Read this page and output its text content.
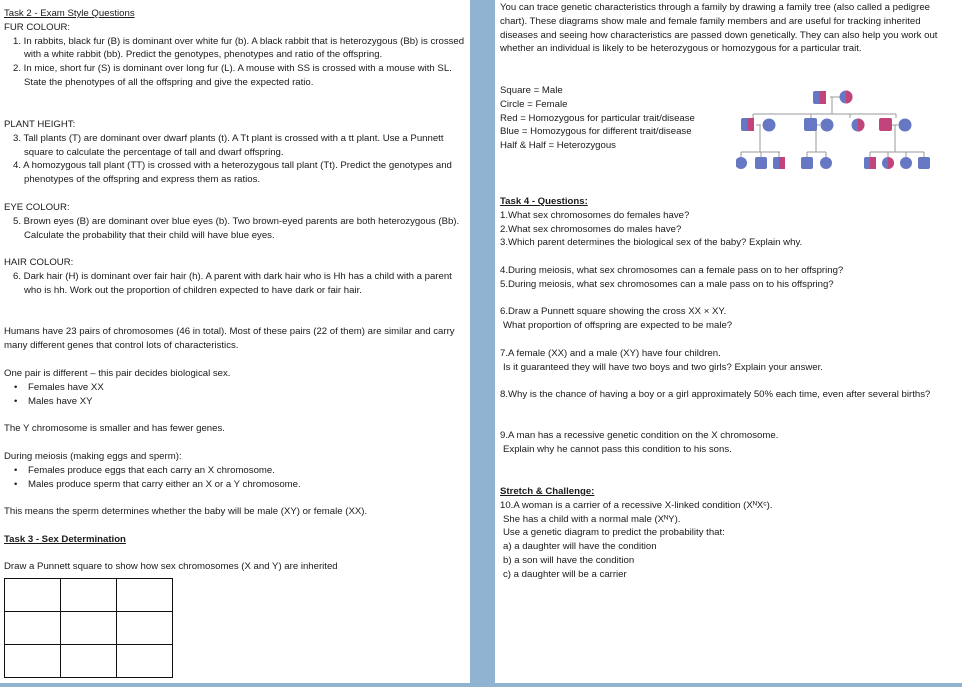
Task 2 - Exam Style Questions

FUR COLOUR:

1. In rabbits, black fur (B) is dominant over white fur (b). A black rabbit that is heterozygous (Bb) is crossed with a white rabbit (bb). Predict the genotypes, phenotypes and ratio of the offspring.

2. In mice, short fur (S) is dominant over long fur (L). A mouse with SS is crossed with a mouse with SL. State the phenotypes of all the offspring and give the expected ratio.

PLANT HEIGHT:

3. Tall plants (T) are dominant over dwarf plants (t). A Tt plant is crossed with a tt plant. Use a Punnett square to calculate the percentage of tall and dwarf offspring.

4. A homozygous tall plant (TT) is crossed with a heterozygous tall plant (Tt). Predict the genotypes and phenotypes of the offspring and express them as ratios.

EYE COLOUR:

5. Brown eyes (B) are dominant over blue eyes (b). Two brown-eyed parents are both heterozygous (Bb). Calculate the probability that their child will have blue eyes.

HAIR COLOUR:

6. Dark hair (H) is dominant over fair hair (h). A parent with dark hair who is Hh has a child with a parent who is hh. Work out the proportion of children expected to have dark or fair hair.

Humans have 23 pairs of chromosomes (46 in total). Most of these pairs (22 of them) are similar and carry many different genes that control lots of characteristics.

One pair is different – this pair decides biological sex.

• Females have XX

• Males have XY

The Y chromosome is smaller and has fewer genes.

During meiosis (making eggs and sperm):

• Females produce eggs that each carry an X chromosome.

• Males produce sperm that carry either an X or a Y chromosome.

This means the sperm determines whether the baby will be male (XY) or female (XX).

Task 3 - Sex Determination

Draw a Punnett square to show how sex chromosomes (X and Y) are inherited

You can trace genetic characteristics through a family by drawing a family tree (also called a pedigree chart). These diagrams show male and female family members and are useful for tracking inherited diseases and seeing how characteristics are passed down genetically. They can also help you work out whether an individual is likely to be heterozygous or homozygous for a particular trait.

Square = Male

Circle = Female

Red = Homozygous for particular trait/disease

Blue = Homozygous for different trait/disease

Half & Half = Heterozygous

Task 4 - Questions:

1.What sex chromosomes do females have?

2.What sex chromosomes do males have?

3.Which parent determines the biological sex of the baby? Explain why.

4.During meiosis, what sex chromosomes can a female pass on to her offspring?

5.During meiosis, what sex chromosomes can a male pass on to his offspring?

6.Draw a Punnett square showing the cross XX × XY.

What proportion of offspring are expected to be male?

7.A female (XX) and a male (XY) have four children.

Is it guaranteed they will have two boys and two girls? Explain your answer.

8.Why is the chance of having a boy or a girl approximately 50% each time, even after several births?

9.A man has a recessive genetic condition on the X chromosome.

Explain why he cannot pass this condition to his sons.

Stretch & Challenge:

10.A woman is a carrier of a recessive X-linked condition (XᴺXᶜ).

She has a child with a normal male (XᴺY).

Use a genetic diagram to predict the probability that:

a) a daughter will have the condition

b) a son will have the condition

c) a daughter will be a carrier
